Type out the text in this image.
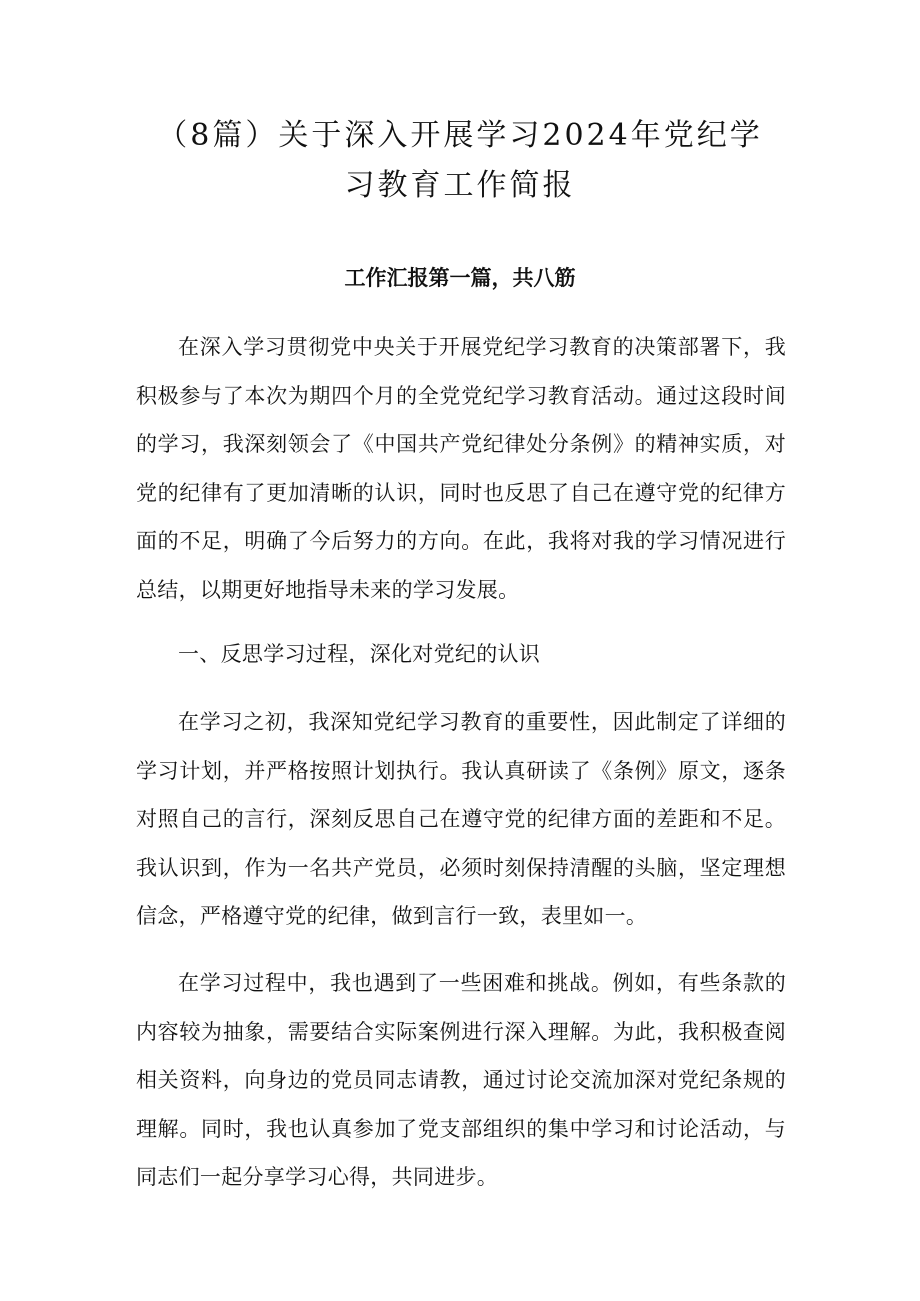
（8篇）关于深入开展学习2024年党纪学
习教育工作简报
工作汇报第一篇，共八筋

在深入学习贯彻党中央关于开展党纪学习教育的决策部署下，我积极参与了本次为期四个月的全党党纪学习教育活动。通过这段时间的学习，我深刻领会了《中国共产党纪律处分条例》的精神实质，对党的纪律有了更加清晰的认识，同时也反思了自己在遵守党的纪律方面的不足，明确了今后努力的方向。在此，我将对我的学习情况进行总结，以期更好地指导未来的学习发展。

一、反思学习过程，深化对党纪的认识

在学习之初，我深知党纪学习教育的重要性，因此制定了详细的学习计划，并严格按照计划执行。我认真研读了《条例》原文，逐条对照自己的言行，深刻反思自己在遵守党的纪律方面的差距和不足。我认识到，作为一名共产党员，必须时刻保持清醒的头脑，坚定理想信念，严格遵守党的纪律，做到言行一致，表里如一。

在学习过程中，我也遇到了一些困难和挑战。例如，有些条款的内容较为抽象，需要结合实际案例进行深入理解。为此，我积极查阅相关资料，向身边的党员同志请教，通过讨论交流加深对党纪条规的理解。同时，我也认真参加了党支部组织的集中学习和讨论活动，与同志们一起分享学习心得，共同进步。
